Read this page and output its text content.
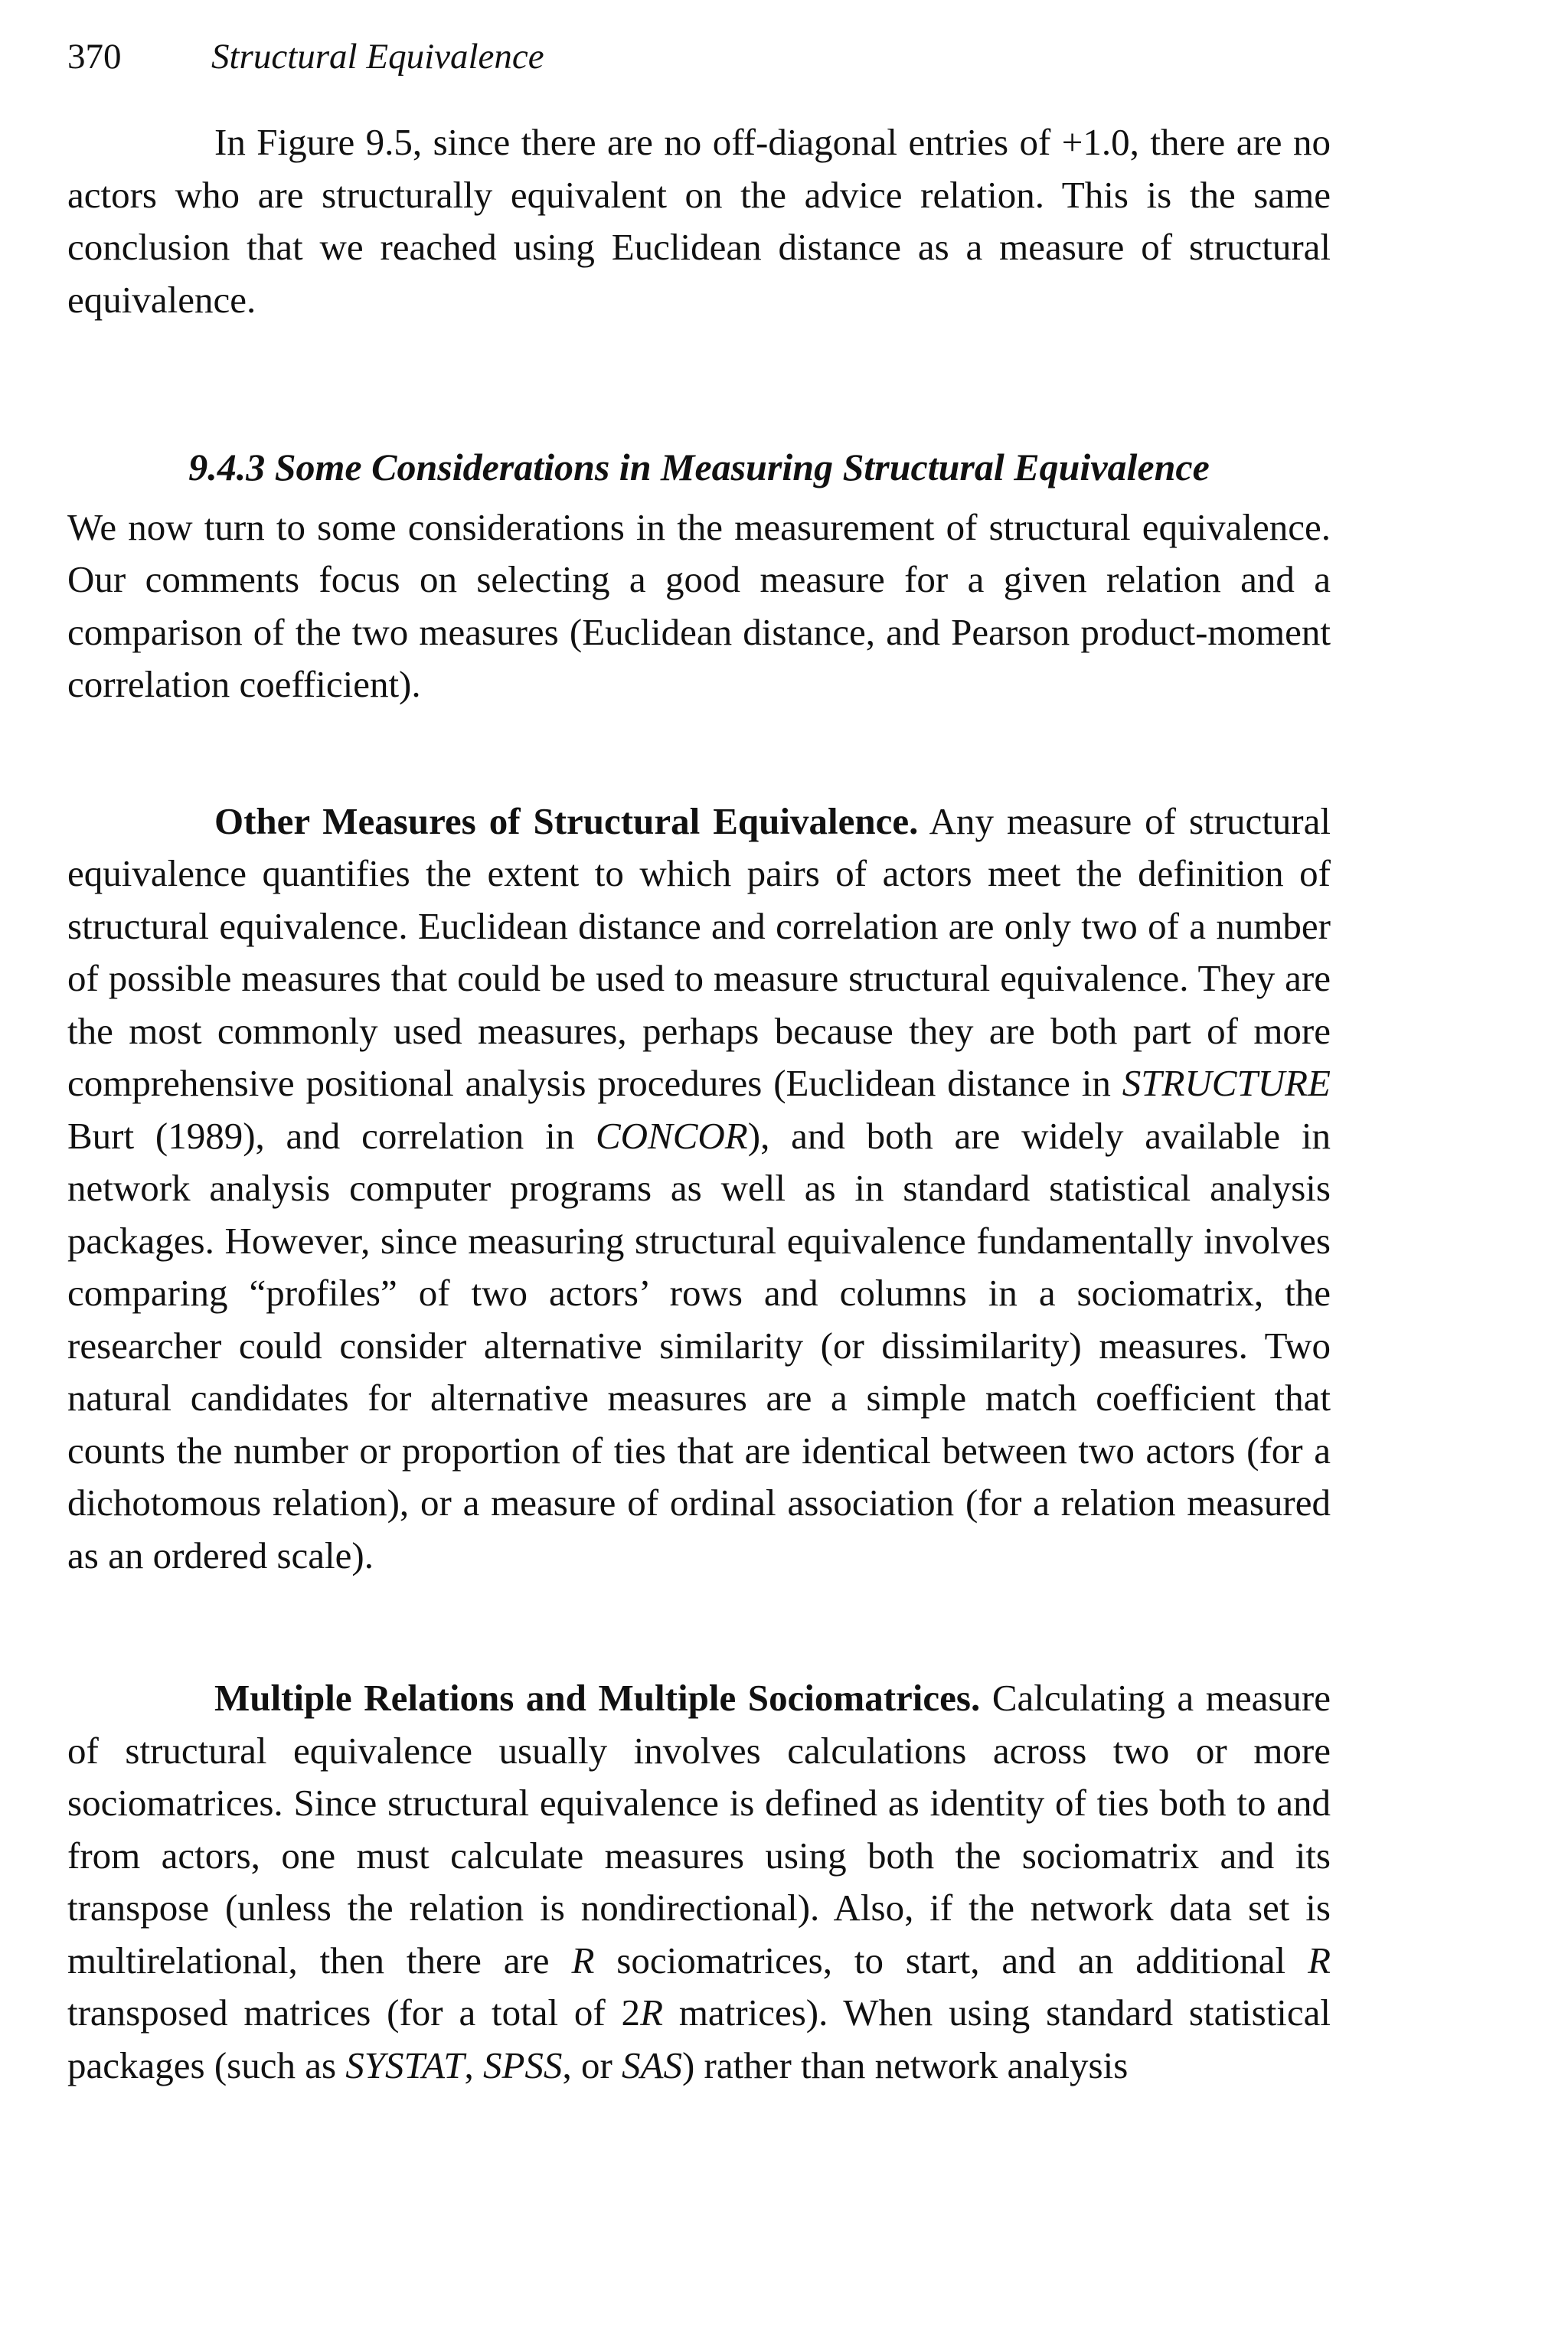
370	Structural Equivalence

In Figure 9.5, since there are no off-diagonal entries of +1.0, there are no actors who are structurally equivalent on the advice relation. This is the same conclusion that we reached using Euclidean distance as a measure of structural equivalence.

9.4.3 Some Considerations in Measuring Structural Equivalence

We now turn to some considerations in the measurement of structural equivalence. Our comments focus on selecting a good measure for a given relation and a comparison of the two measures (Euclidean distance, and Pearson product-moment correlation coefficient).

Other Measures of Structural Equivalence. Any measure of structural equivalence quantifies the extent to which pairs of actors meet the definition of structural equivalence. Euclidean distance and correlation are only two of a number of possible measures that could be used to measure structural equivalence. They are the most commonly used measures, perhaps because they are both part of more comprehensive positional analysis procedures (Euclidean distance in STRUCTURE Burt (1989), and correlation in CONCOR), and both are widely available in network analysis computer programs as well as in standard statistical analysis packages. However, since measuring structural equivalence fundamentally involves comparing “profiles” of two actors’ rows and columns in a sociomatrix, the researcher could consider alternative similarity (or dissimilarity) measures. Two natural candidates for alternative measures are a simple match coefficient that counts the number or proportion of ties that are identical between two actors (for a dichotomous relation), or a measure of ordinal association (for a relation measured as an ordered scale).

Multiple Relations and Multiple Sociomatrices. Calculating a measure of structural equivalence usually involves calculations across two or more sociomatrices. Since structural equivalence is defined as identity of ties both to and from actors, one must calculate measures using both the sociomatrix and its transpose (unless the relation is nondirectional). Also, if the network data set is multirelational, then there are R sociomatrices, to start, and an additional R transposed matrices (for a total of 2R matrices). When using standard statistical packages (such as SYSTAT, SPSS, or SAS) rather than network analysis
